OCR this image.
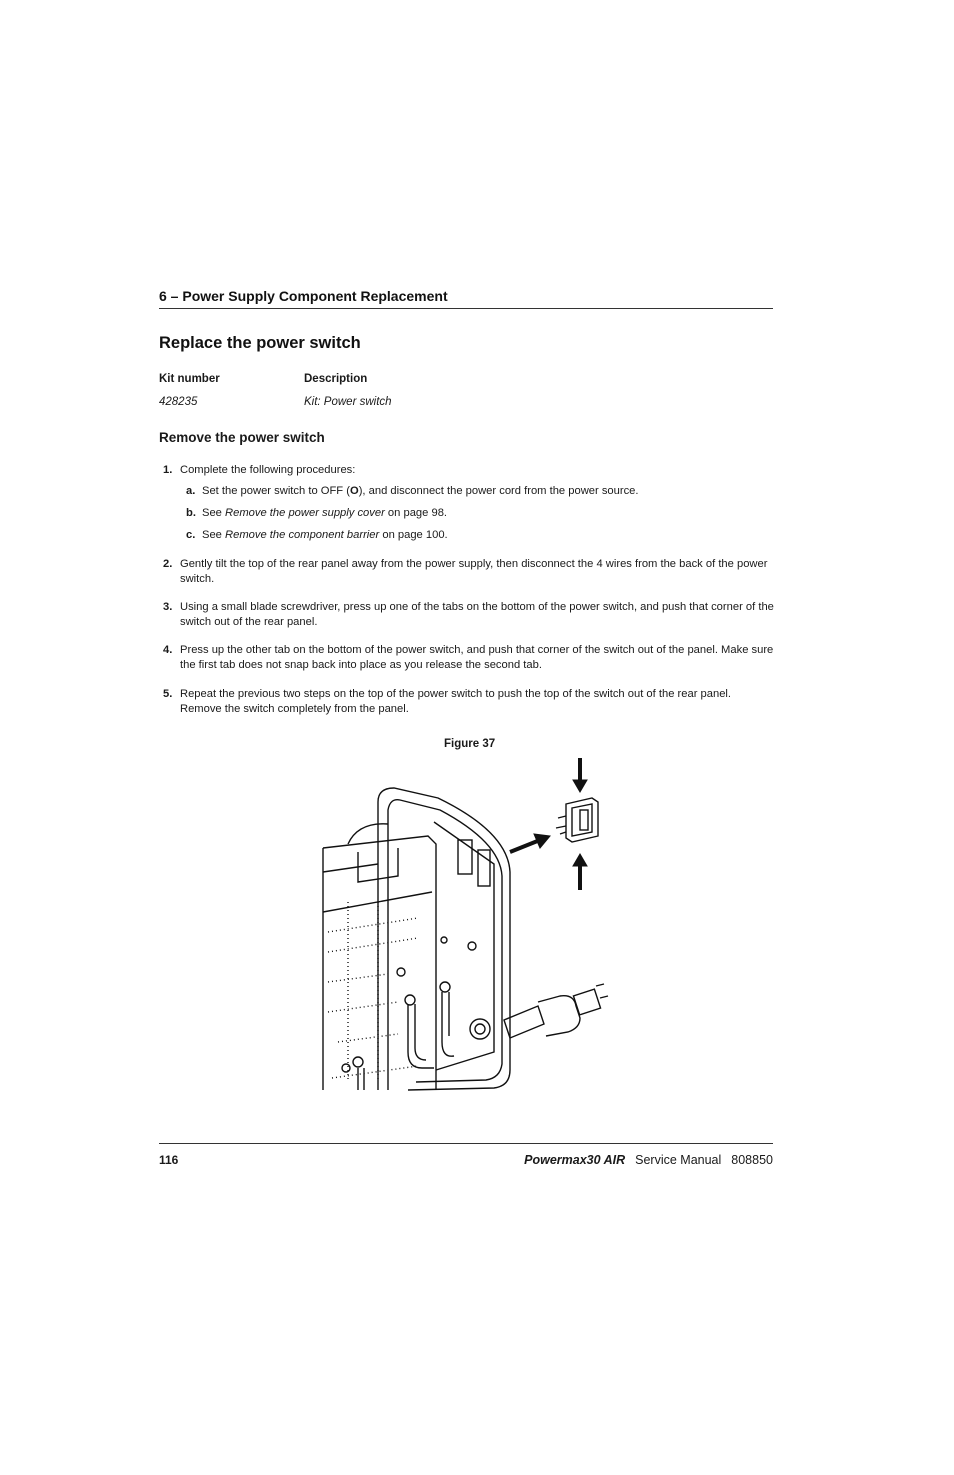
6 – Power Supply Component Replacement
Replace the power switch
Kit number	Description
428235	Kit: Power switch
Remove the power switch
1. Complete the following procedures:
a. Set the power switch to OFF (O), and disconnect the power cord from the power source.
b. See Remove the power supply cover on page 98.
c. See Remove the component barrier on page 100.
2. Gently tilt the top of the rear panel away from the power supply, then disconnect the 4 wires from the back of the power switch.
3. Using a small blade screwdriver, press up one of the tabs on the bottom of the power switch, and push that corner of the switch out of the rear panel.
4. Press up the other tab on the bottom of the power switch, and push that corner of the switch out of the panel. Make sure the first tab does not snap back into place as you release the second tab.
5. Repeat the previous two steps on the top of the power switch to push the top of the switch out of the rear panel. Remove the switch completely from the panel.
Figure 37
116	Powermax30 AIR Service Manual 808850
